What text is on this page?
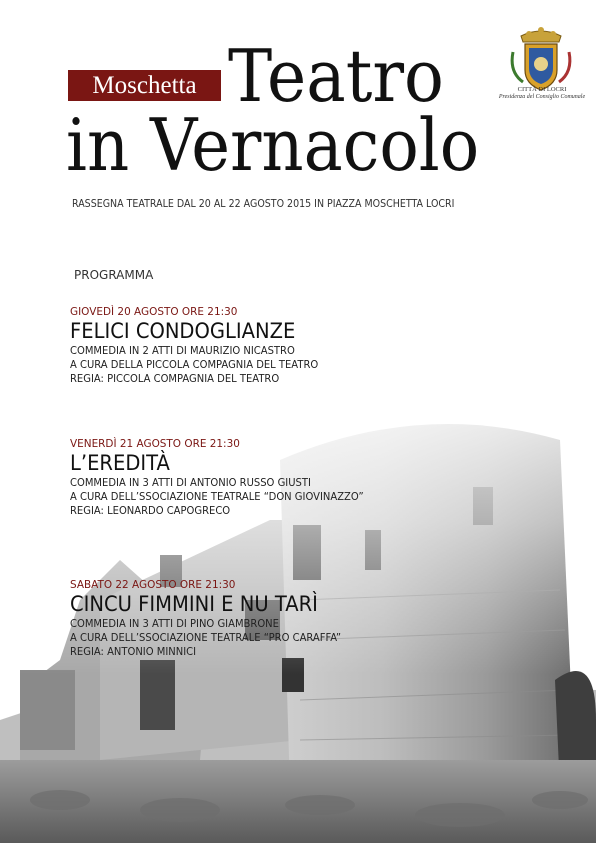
Moschetta Teatro
in Vernacolo
CITTÀ DI LOCRI
Presidenza del Consiglio Comunale
RASSEGNA TEATRALE DAL 20 AL 22 AGOSTO 2015 IN PIAZZA MOSCHETTA LOCRI
PROGRAMMA

GIOVEDÌ 20 AGOSTO ORE 21:30

FELICI CONDOGLIANZE

COMMEDIA IN 2 ATTI DI MAURIZIO NICASTRO

A CURA DELLA PICCOLA COMPAGNIA DEL TEATRO

REGIA: PICCOLA COMPAGNIA DEL TEATRO

VENERDÌ 21 AGOSTO ORE 21:30

L’EREDITÀ

COMMEDIA IN 3 ATTI DI ANTONIO RUSSO GIUSTI

A CURA DELL’SSOCIAZIONE TEATRALE “DON GIOVINAZZO”

REGIA: LEONARDO CAPOGRECO

SABATO 22 AGOSTO ORE 21:30

CINCU FIMMINI E NU TARÌ

COMMEDIA IN 3 ATTI DI PINO GIAMBRONE

A CURA DELL’SSOCIAZIONE TEATRALE “PRO CARAFFA”

REGIA: ANTONIO MINNICI
